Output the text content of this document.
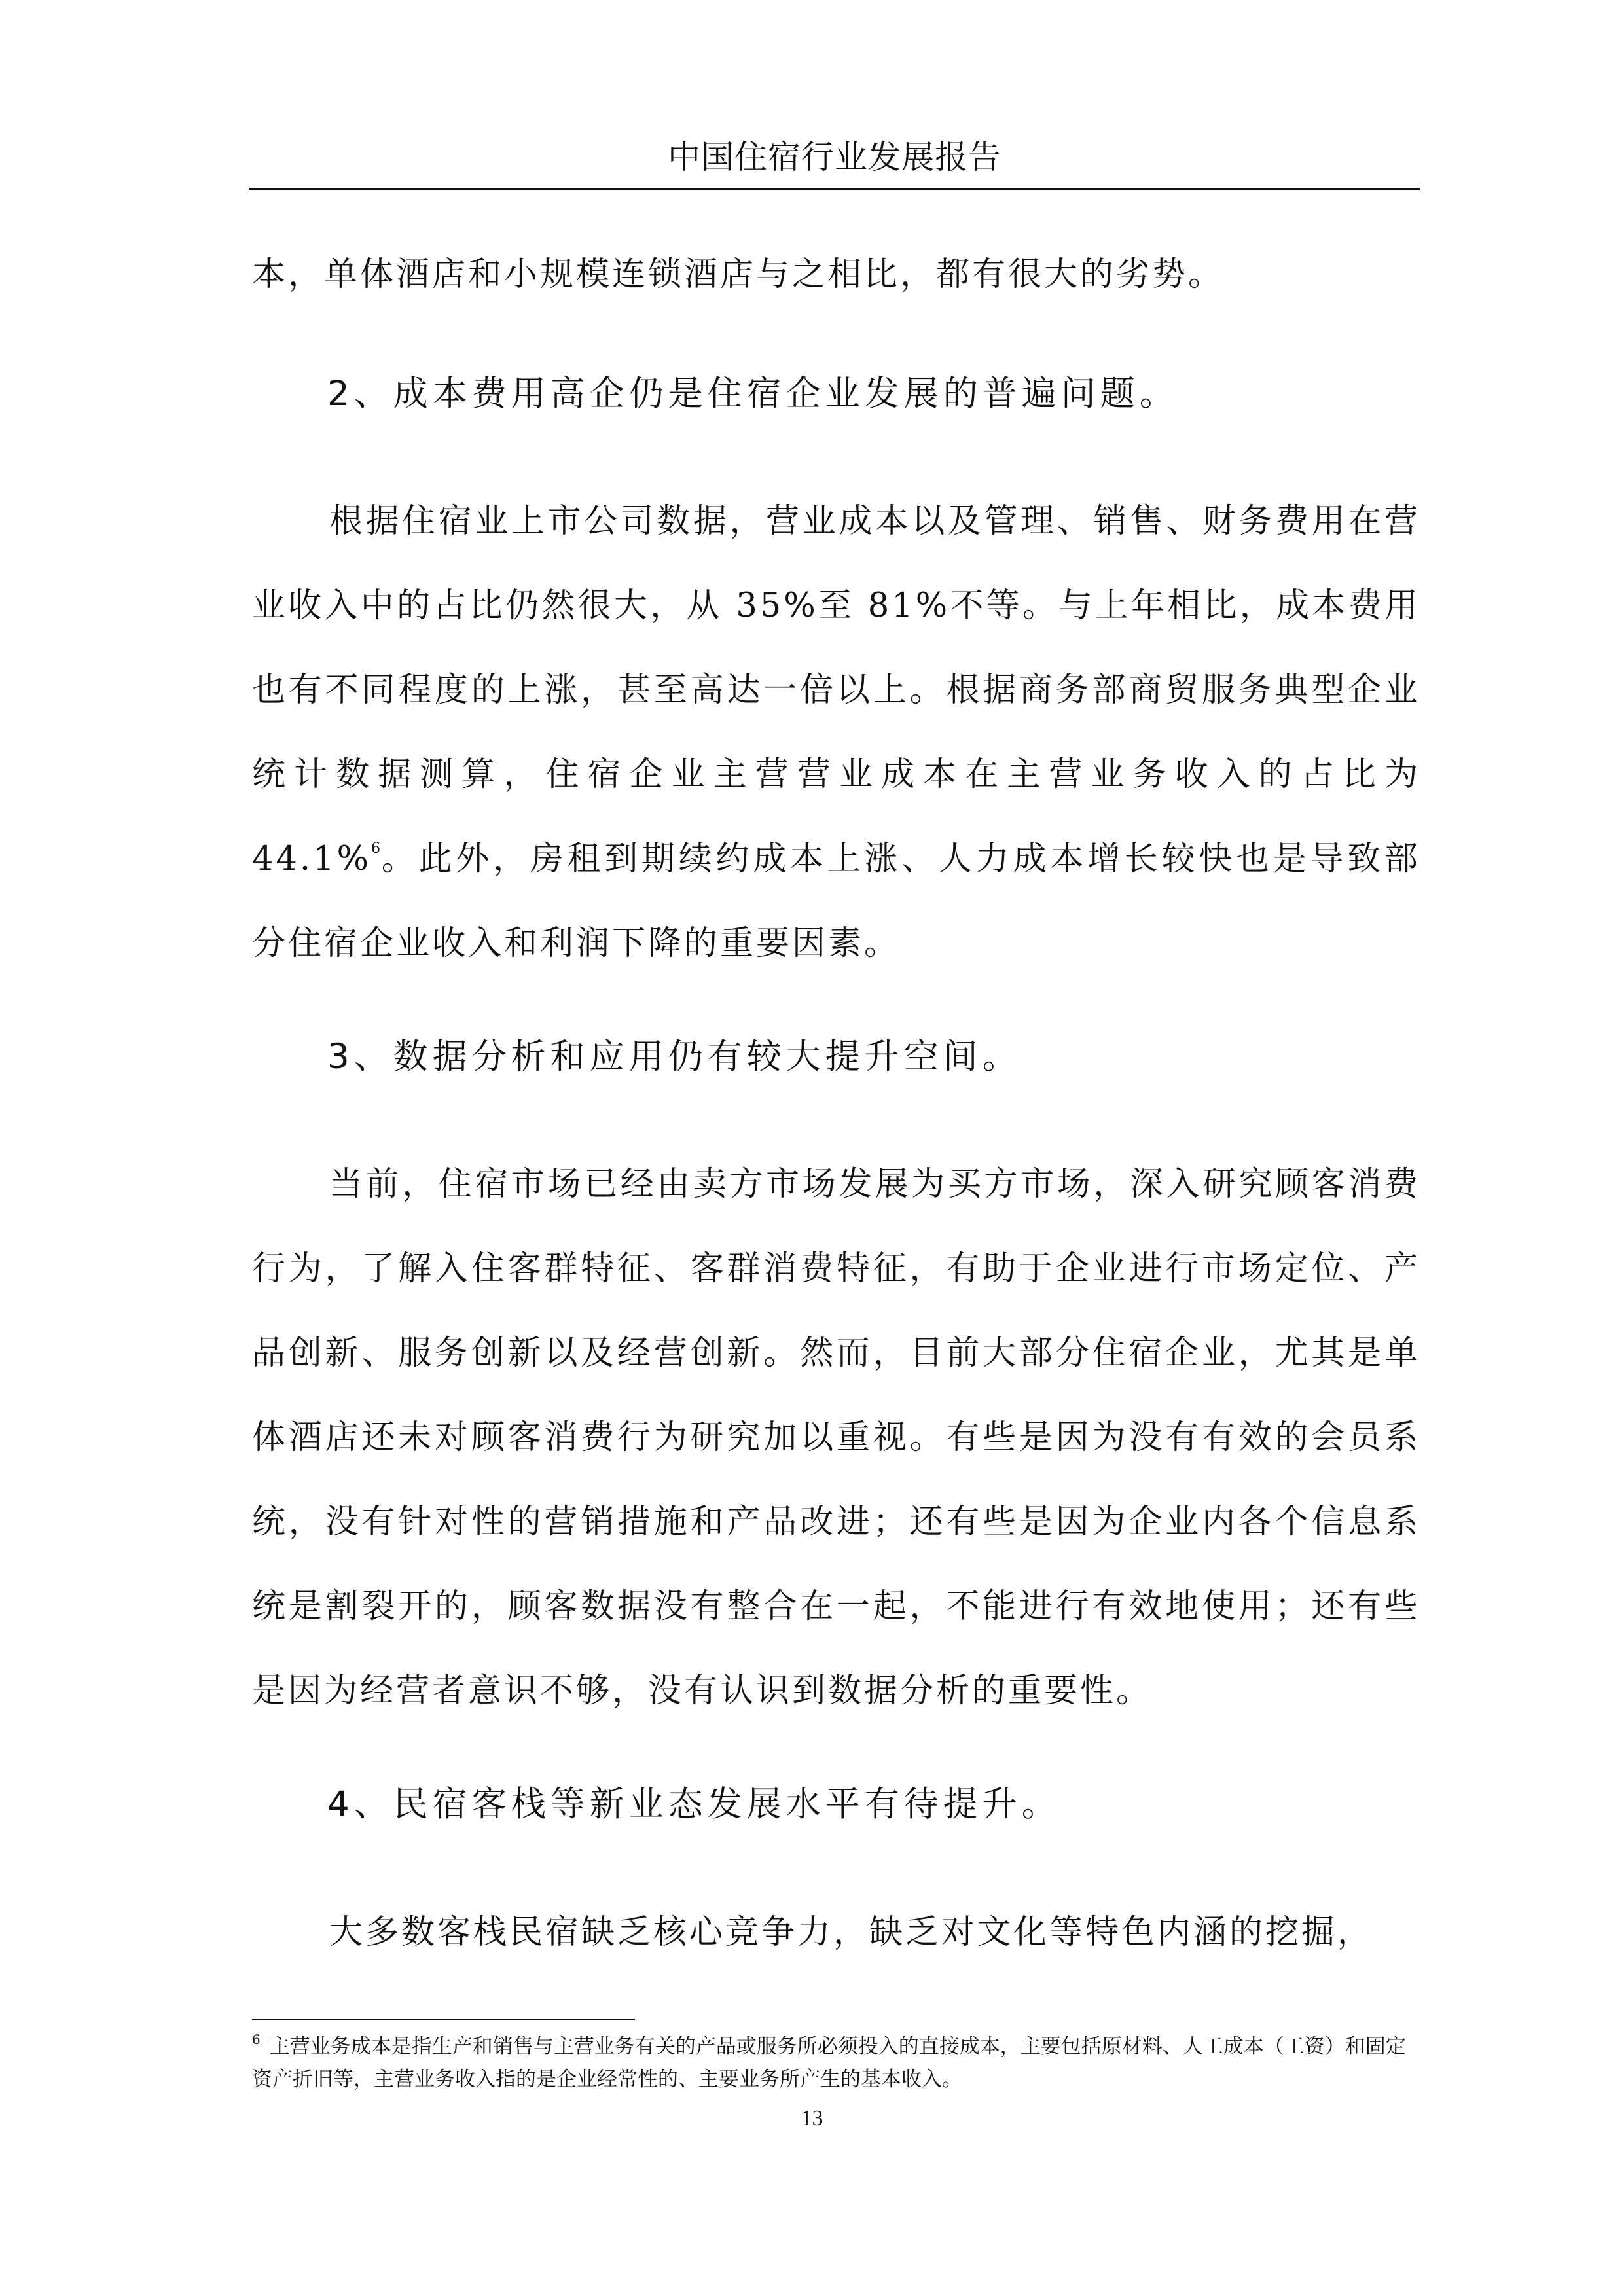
中国住宿行业发展报告

本，单体酒店和小规模连锁酒店与之相比，都有很大的劣势。

2、成本费用高企仍是住宿企业发展的普遍问题。

根据住宿业上市公司数据，营业成本以及管理、销售、财务费用在营业收入中的占比仍然很大，从 35%至 81%不等。与上年相比，成本费用也有不同程度的上涨，甚至高达一倍以上。根据商务部商贸服务典型企业统计数据测算，住宿企业主营营业成本在主营业务收入的占比为44.1%$^6$。此外，房租到期续约成本上涨、人力成本增长较快也是导致部分住宿企业收入和利润下降的重要因素。

3、数据分析和应用仍有较大提升空间。

当前，住宿市场已经由卖方市场发展为买方市场，深入研究顾客消费行为，了解入住客群特征、客群消费特征，有助于企业进行市场定位、产品创新、服务创新以及经营创新。然而，目前大部分住宿企业，尤其是单体酒店还未对顾客消费行为研究加以重视。有些是因为没有有效的会员系统，没有针对性的营销措施和产品改进；还有些是因为企业内各个信息系统是割裂开的，顾客数据没有整合在一起，不能进行有效地使用；还有些是因为经营者意识不够，没有认识到数据分析的重要性。

4、民宿客栈等新业态发展水平有待提升。

大多数客栈民宿缺乏核心竞争力，缺乏对文化等特色内涵的挖掘，

$^6$ 主营业务成本是指生产和销售与主营业务有关的产品或服务所必须投入的直接成本，主要包括原材料、人工成本（工资）和固定资产折旧等，主营业务收入指的是企业经常性的、主要业务所产生的基本收入。

13
